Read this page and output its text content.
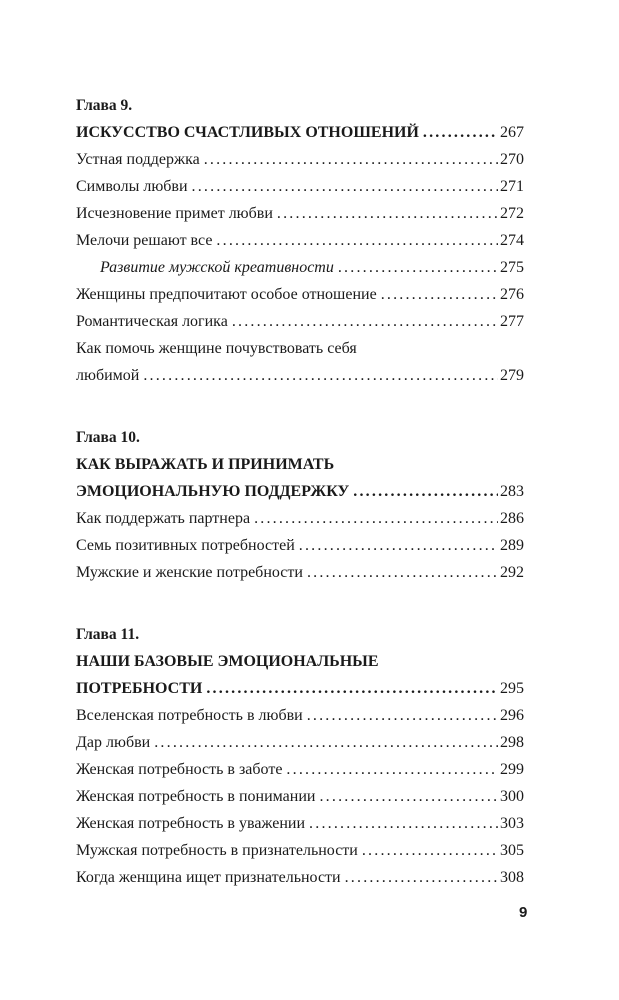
Глава 9.
ИСКУССТВО СЧАСТЛИВЫХ ОТНОШЕНИЙ .....	267
Устная поддержка .....	270
Символы любви .....	271
Исчезновение примет любви .....	272
Мелочи решают все .....	274
Развитие мужской креативности .....	275
Женщины предпочитают особое отношение .....	276
Романтическая логика .....	277
Как помочь женщине почувствовать себя
любимой .....	279
Глава 10.
КАК ВЫРАЖАТЬ И ПРИНИМАТЬ
ЭМОЦИОНАЛЬНУЮ ПОДДЕРЖКУ .....	283
Как поддержать партнера .....	286
Семь позитивных потребностей .....	289
Мужские и женские потребности .....	292
Глава 11.
НАШИ БАЗОВЫЕ ЭМОЦИОНАЛЬНЫЕ
ПОТРЕБНОСТИ .....	295
Вселенская потребность в любви .....	296
Дар любви .....	298
Женская потребность в заботе .....	299
Женская потребность в понимании .....	300
Женская потребность в уважении .....	303
Мужская потребность в признательности .....	305
Когда женщина ищет признательности .....	308
9
